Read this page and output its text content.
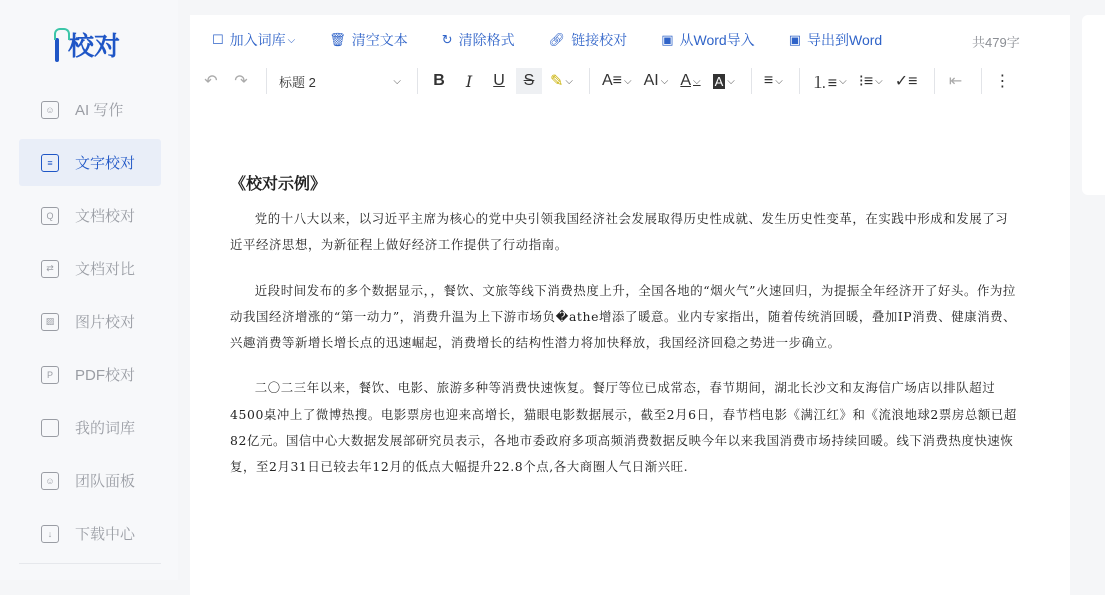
校对
☺ AI 写作
≡	文字校对
Q	文档校对
⇄	文档对比
▨	图片校对
P	PDF校对
我的词库
☺ 团队面板
↓	下载中心
☐ 加入词库 ⌵	🗑︎ 清空文本	↻ 清除格式	🔗︎ 链接校对	▣ 从Word导入	▣ 导出到Word	共479字
↶	↷	标题 2	⌵	B	I	U	S ✎ ⌵ A≡ ⌵ AI ⌵ A ⌵ A ⌵ ≡ ⌵ ⒈≡ ⌵ ⁝≡ ⌵ ✓≡	⇤	⋮
《校对示例》

党的十八大以来，以习近平主席为核心的党中央引领我国经济社会发展取得历史性成就、发生历史性变革，在实践中形成和发展了习近平经济思想，为新征程上做好经济工作提供了行动指南。

近段时间发布的多个数据显示，，餐饮、文旅等线下消费热度上升，全国各地的“烟火气”火速回归，为提振全年经济开了好头。作为拉动我国经济增涨的“第一动力”，消费升温为上下游市场负�athe增添了暖意。业内专家指出，随着传统消回暖，叠加IP消费、健康消费、兴趣消费等新增长增长点的迅速崛起，消费增长的结构性潜力将加快释放，我国经济回稳之势进一步确立。

二〇二三年以来，餐饮、电影、旅游多种等消费快速恢复。餐厅等位已成常态，春节期间，湖北长沙文和友海信广场店以排队超过4500桌冲上了微博热搜。电影票房也迎来高增长，猫眼电影数据展示，截至2月6日，春节档电影《满江红》和《流浪地球2票房总额已超82亿元。国信中心大数据发展部研究员表示，各地市委政府多项高频消费数据反映今年以来我国消费市场持续回暖。线下消费热度快速恢复，至2月31日已较去年12月的低点大幅提升22.8个点,各大商圈人气日渐兴旺.
